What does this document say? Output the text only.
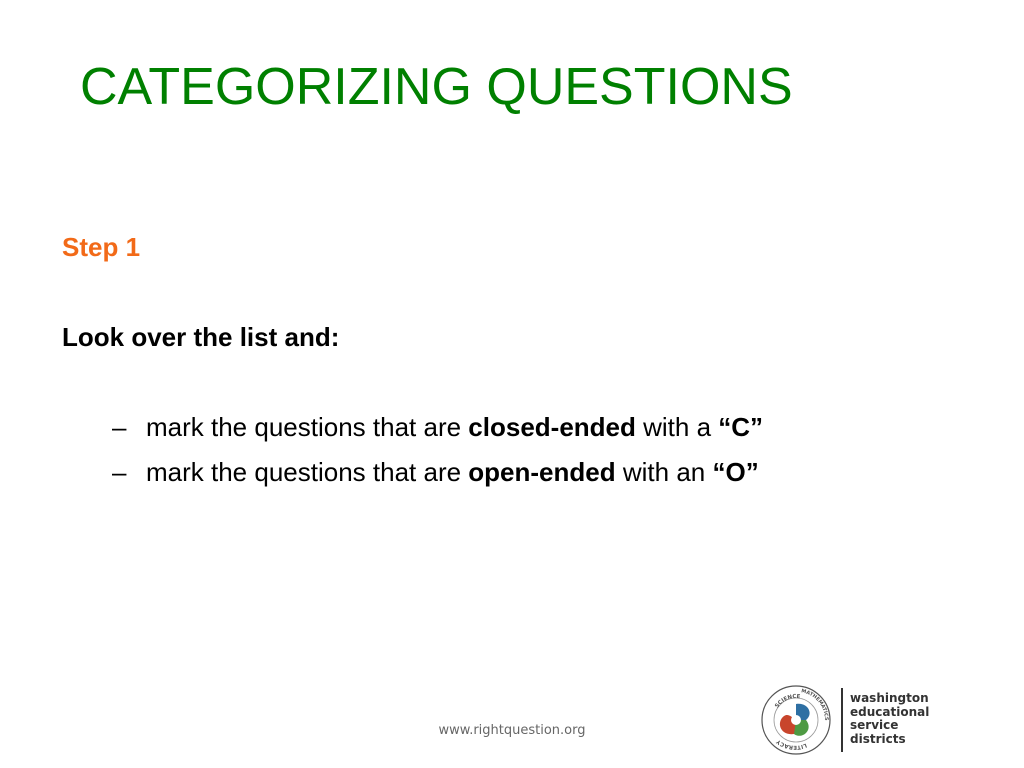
CATEGORIZING QUESTIONS
Step 1
Look over the list and:
– mark the questions that are closed-ended with a “C”
– mark the questions that are open-ended with an “O”
www.rightquestion.org
SCIENCE
MATHEMATICS
LITERACY
washington
educational
service
districts
